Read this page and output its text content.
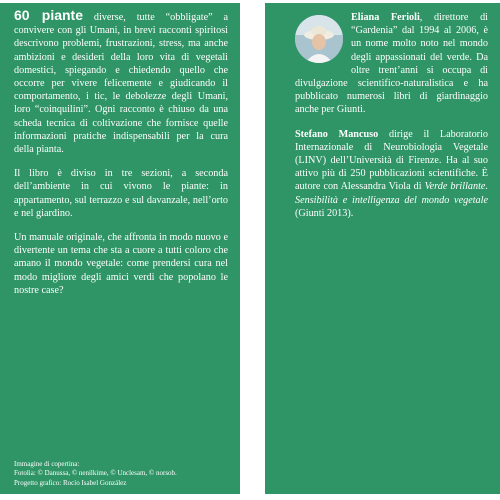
60 piante diverse, tutte “obbligate” a convivere con gli Umani, in brevi racconti spiritosi descrivono problemi, frustrazioni, stress, ma anche ambizioni e desideri della loro vita di vegetali domestici, spiegando e chiedendo quello che occorre per vivere felicemente e giudicando il comportamento, i tic, le debolezze degli Umani, loro “coinquilini”. Ogni racconto è chiuso da una scheda tecnica di coltivazione che fornisce quelle informazioni pratiche indispensabili per la cura della pianta.

Il libro è diviso in tre sezioni, a seconda dell’ambiente in cui vivono le piante: in appartamento, sul terrazzo e sul davanzale, nell’orto e nel giardino.

Un manuale originale, che affronta in modo nuovo e divertente un tema che sta a cuore a tutti coloro che amano il mondo vegetale: come prendersi cura nel modo migliore degli amici verdi che popolano le nostre case?

Immagine di copertina:
Fotolia: © Danussa, © nenilkime, © Unclesam, © norsob.
Progetto grafico: Rocío Isabel González

Eliana Ferioli, direttore di “Gardenia” dal 1994 al 2006, è un nome molto noto nel mondo degli appassionati del verde. Da oltre trent’anni si occupa di divulgazione scientifico-naturalistica e ha pubblicato numerosi libri di giardinaggio anche per Giunti.

Stefano Mancuso dirige il Laboratorio Internazionale di Neurobiologia Vegetale (LINV) dell’Università di Firenze. Ha al suo attivo più di 250 pubblicazioni scientifiche. È autore con Alessandra Viola di Verde brillante. Sensibilità e intelligenza del mondo vegetale (Giunti 2013).
